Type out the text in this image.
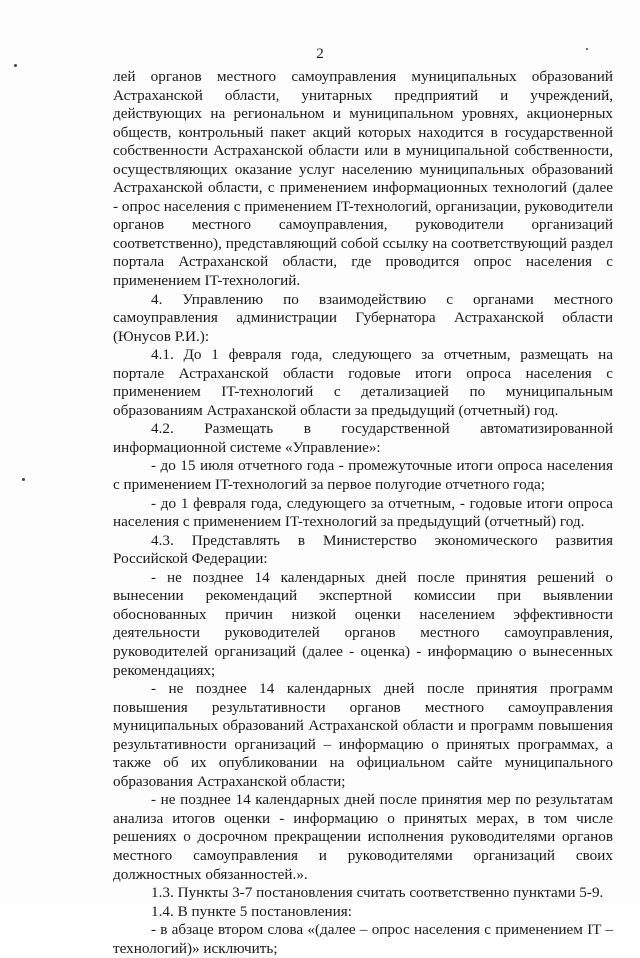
2

лей органов местного самоуправления муниципальных образований Астраханской области, унитарных предприятий и учреждений, действующих на региональном и муниципальном уровнях, акционерных обществ, контрольный пакет акций которых находится в государственной собственности Астраханской области или в муниципальной собственности, осуществляющих оказание услуг населению муниципальных образований Астраханской области, с применением информационных технологий (далее - опрос населения с применением IT-технологий, организации, руководители органов местного самоуправления, руководители организаций соответственно), представляющий собой ссылку на соответствующий раздел портала Астраханской области, где проводится опрос населения с применением IT-технологий.

4. Управлению по взаимодействию с органами местного самоуправления администрации Губернатора Астраханской области (Юнусов Р.И.):

4.1. До 1 февраля года, следующего за отчетным, размещать на портале Астраханской области годовые итоги опроса населения с применением IT-технологий с детализацией по муниципальным образованиям Астраханской области за предыдущий (отчетный) год.

4.2. Размещать в государственной автоматизированной информационной системе «Управление»:

- до 15 июля отчетного года - промежуточные итоги опроса населения с применением IT-технологий за первое полугодие отчетного года;

- до 1 февраля года, следующего за отчетным, - годовые итоги опроса населения с применением IT-технологий за предыдущий (отчетный) год.

4.3. Представлять в Министерство экономического развития Российской Федерации:

- не позднее 14 календарных дней после принятия решений о вынесении рекомендаций экспертной комиссии при выявлении обоснованных причин низкой оценки населением эффективности деятельности руководителей органов местного самоуправления, руководителей организаций (далее - оценка) - информацию о вынесенных рекомендациях;

- не позднее 14 календарных дней после принятия программ повышения результативности органов местного самоуправления муниципальных образований Астраханской области и программ повышения результативности организаций – информацию о принятых программах, а также об их опубликовании на официальном сайте муниципального образования Астраханской области;

- не позднее 14 календарных дней после принятия мер по результатам анализа итогов оценки - информацию о принятых мерах, в том числе решениях о досрочном прекращении исполнения руководителями органов местного самоуправления и руководителями организаций своих должностных обязанностей.».

1.3. Пункты 3-7 постановления считать соответственно пунктами 5-9.

1.4. В пункте 5 постановления:

- в абзаце втором слова «(далее – опрос населения с применением IT – технологий)» исключить;
